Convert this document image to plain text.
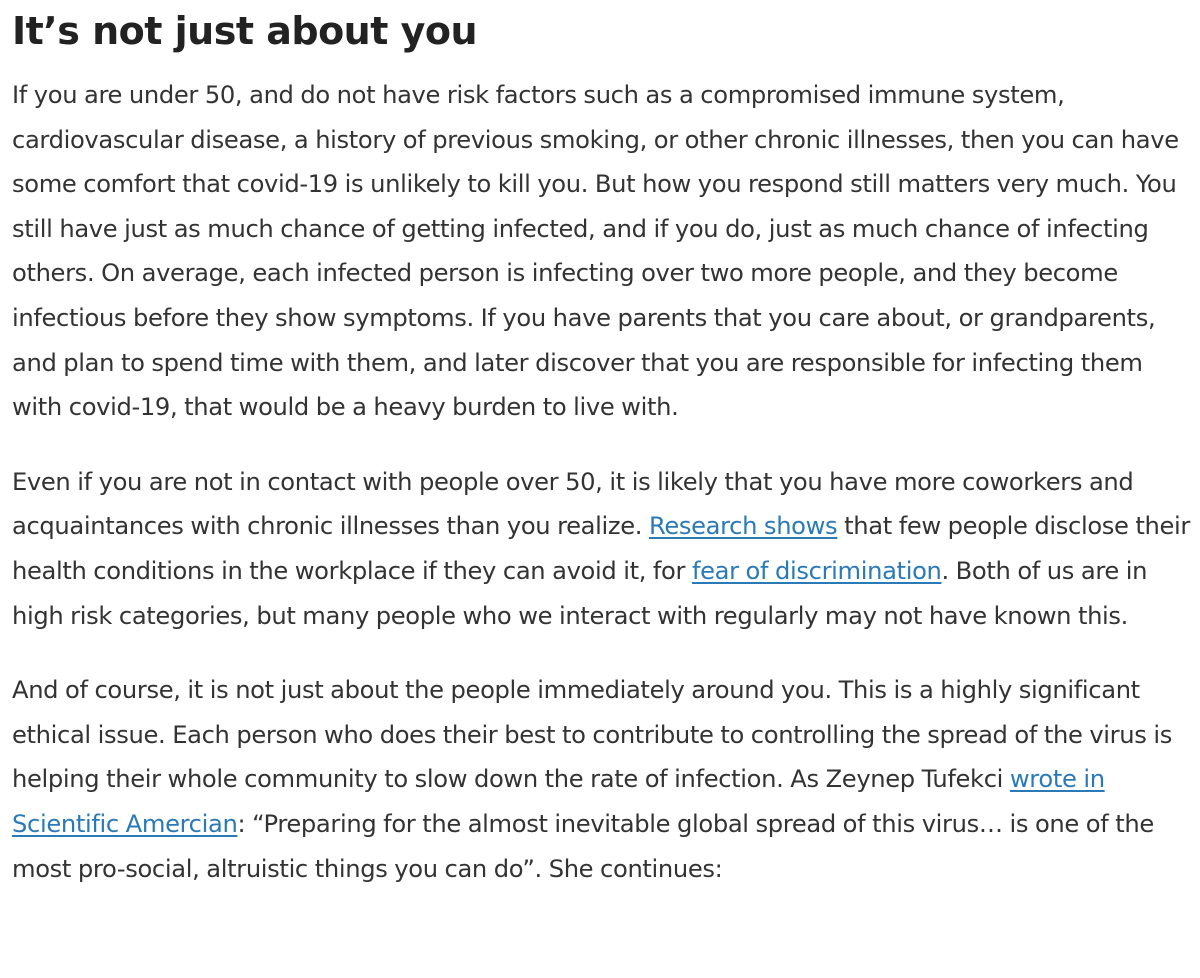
It’s not just about you

If you are under 50, and do not have risk factors such as a compromised immune system, cardiovascular disease, a history of previous smoking, or other chronic illnesses, then you can have some comfort that covid-19 is unlikely to kill you. But how you respond still matters very much. You still have just as much chance of getting infected, and if you do, just as much chance of infecting others. On average, each infected person is infecting over two more people, and they become infectious before they show symptoms. If you have parents that you care about, or grandparents, and plan to spend time with them, and later discover that you are responsible for infecting them with covid-19, that would be a heavy burden to live with.

Even if you are not in contact with people over 50, it is likely that you have more coworkers and acquaintances with chronic illnesses than you realize. Research shows that few people disclose their health conditions in the workplace if they can avoid it, for fear of discrimination. Both of us are in high risk categories, but many people who we interact with regularly may not have known this.

And of course, it is not just about the people immediately around you. This is a highly significant ethical issue. Each person who does their best to contribute to controlling the spread of the virus is helping their whole community to slow down the rate of infection. As Zeynep Tufekci wrote in Scientific Amercian: “Preparing for the almost inevitable global spread of this virus… is one of the most pro-social, altruistic things you can do”. She continues:
